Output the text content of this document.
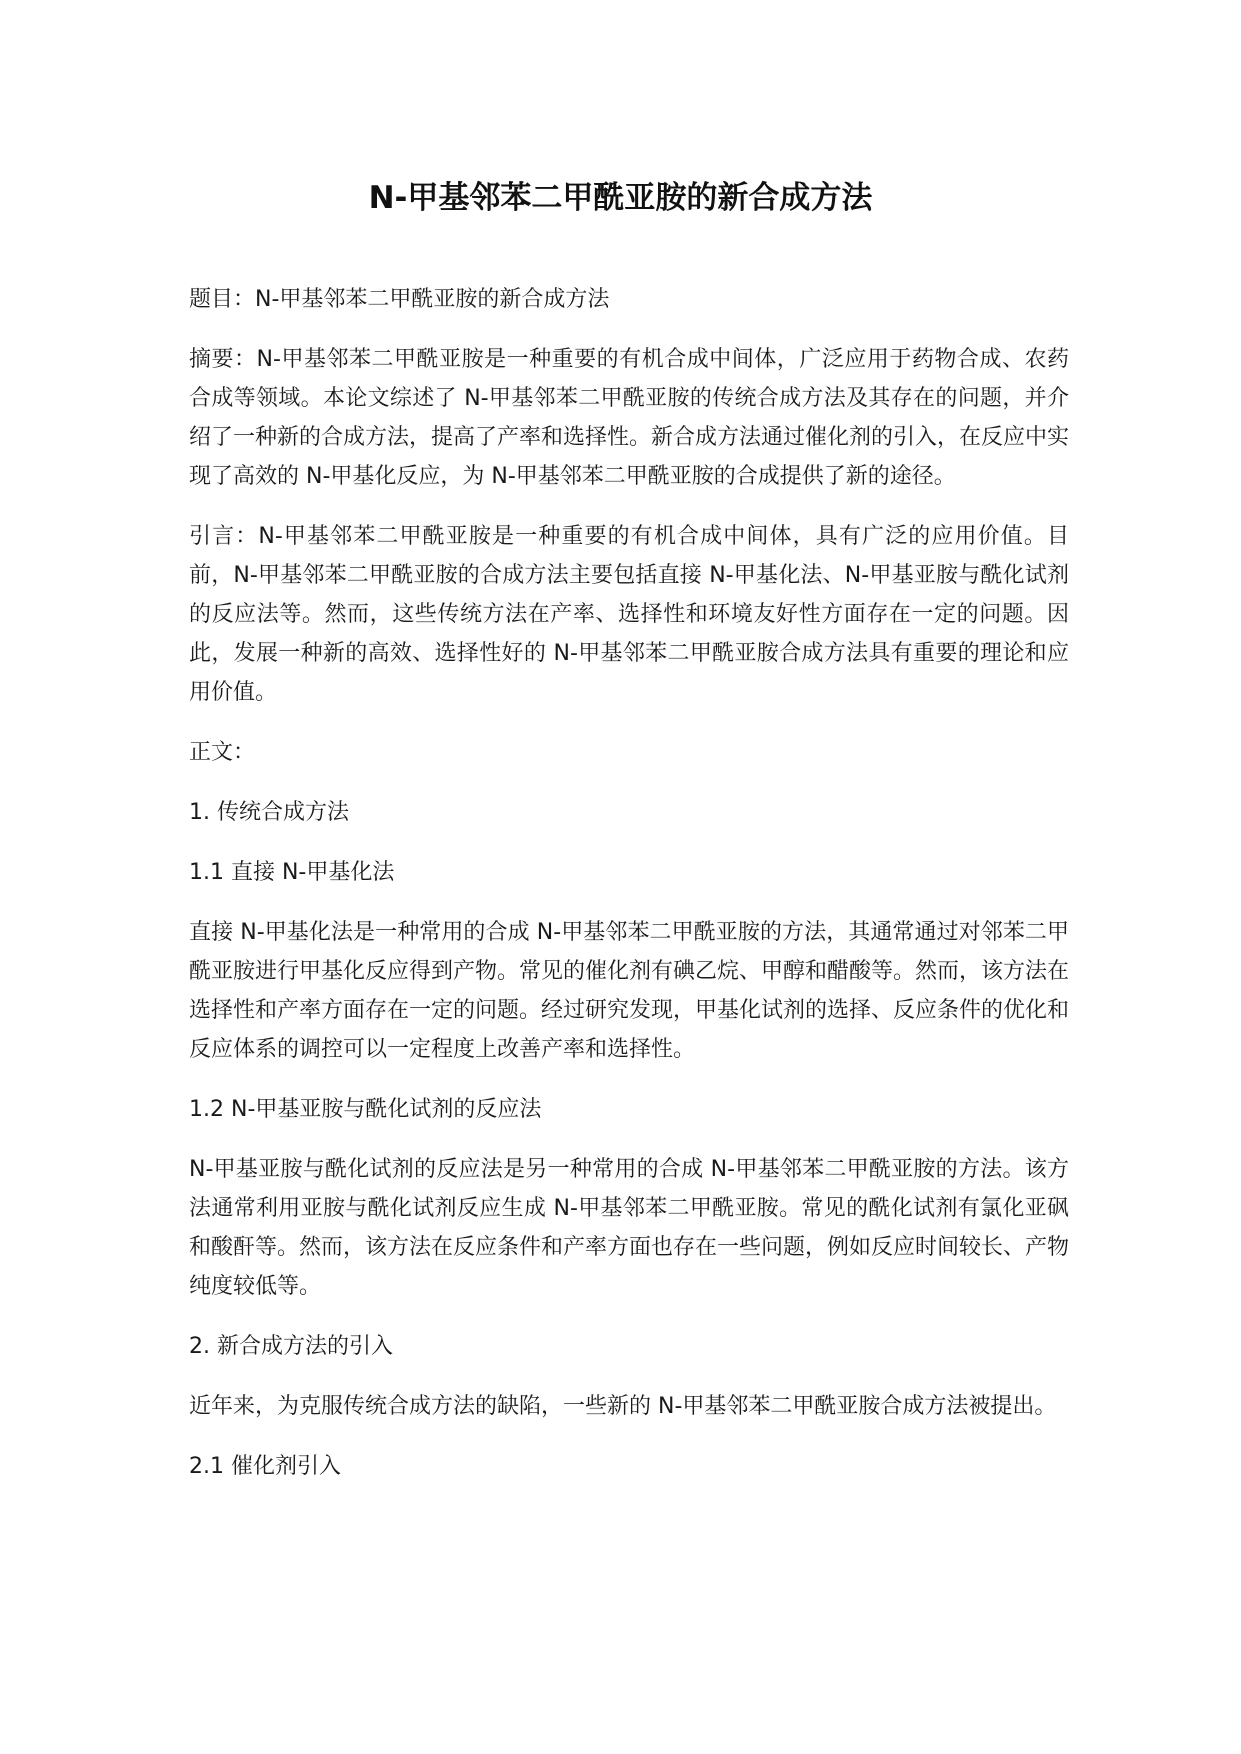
N-甲基邻苯二甲酰亚胺的新合成方法

题目：N-甲基邻苯二甲酰亚胺的新合成方法

摘要：N-甲基邻苯二甲酰亚胺是一种重要的有机合成中间体，广泛应用于药物合成、农药合成等领域。本论文综述了 N-甲基邻苯二甲酰亚胺的传统合成方法及其存在的问题，并介绍了一种新的合成方法，提高了产率和选择性。新合成方法通过催化剂的引入，在反应中实现了高效的 N-甲基化反应，为 N-甲基邻苯二甲酰亚胺的合成提供了新的途径。

引言：N-甲基邻苯二甲酰亚胺是一种重要的有机合成中间体，具有广泛的应用价值。目前，N-甲基邻苯二甲酰亚胺的合成方法主要包括直接 N-甲基化法、N-甲基亚胺与酰化试剂的反应法等。然而，这些传统方法在产率、选择性和环境友好性方面存在一定的问题。因此，发展一种新的高效、选择性好的 N-甲基邻苯二甲酰亚胺合成方法具有重要的理论和应用价值。

正文：

1. 传统合成方法

1.1 直接 N-甲基化法

直接 N-甲基化法是一种常用的合成 N-甲基邻苯二甲酰亚胺的方法，其通常通过对邻苯二甲酰亚胺进行甲基化反应得到产物。常见的催化剂有碘乙烷、甲醇和醋酸等。然而，该方法在选择性和产率方面存在一定的问题。经过研究发现，甲基化试剂的选择、反应条件的优化和反应体系的调控可以一定程度上改善产率和选择性。

1.2 N-甲基亚胺与酰化试剂的反应法

N-甲基亚胺与酰化试剂的反应法是另一种常用的合成 N-甲基邻苯二甲酰亚胺的方法。该方法通常利用亚胺与酰化试剂反应生成 N-甲基邻苯二甲酰亚胺。常见的酰化试剂有氯化亚砜和酸酐等。然而，该方法在反应条件和产率方面也存在一些问题，例如反应时间较长、产物纯度较低等。

2. 新合成方法的引入

近年来，为克服传统合成方法的缺陷，一些新的 N-甲基邻苯二甲酰亚胺合成方法被提出。

2.1 催化剂引入
